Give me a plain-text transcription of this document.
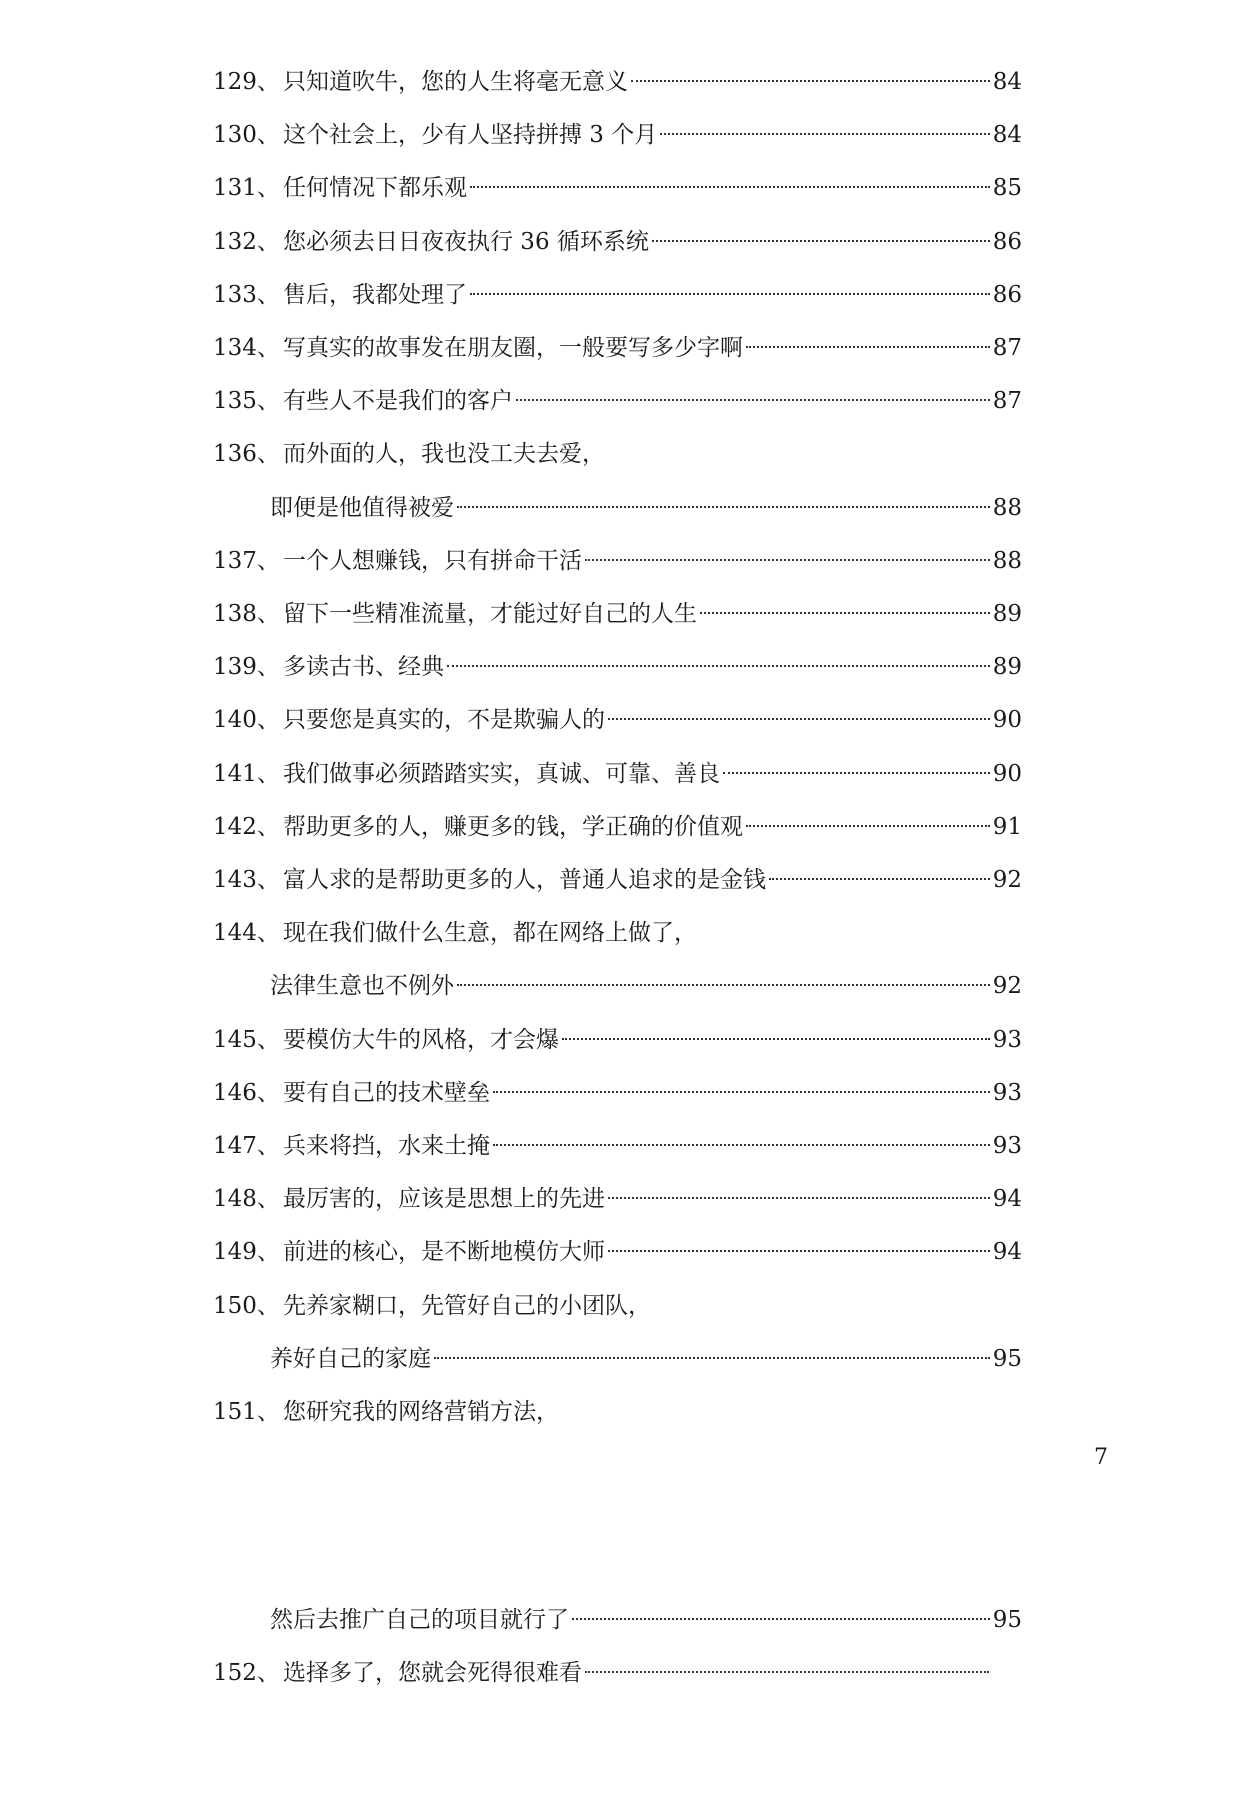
129、 只知道吹牛，您的人生将毫无意义	84
130、 这个社会上，少有人坚持拼搏 3 个月	84
131、 任何情况下都乐观	85
132、 您必须去日日夜夜执行 36 循环系统	86
133、 售后，我都处理了	86
134、 写真实的故事发在朋友圈，一般要写多少字啊	87
135、 有些人不是我们的客户	87
136、 而外面的人，我也没工夫去爱，
即便是他值得被爱	88
137、 一个人想赚钱，只有拼命干活	88
138、 留下一些精准流量，才能过好自己的人生	89
139、 多读古书、经典	89
140、 只要您是真实的，不是欺骗人的	90
141、 我们做事必须踏踏实实，真诚、可靠、善良	90
142、 帮助更多的人，赚更多的钱，学正确的价值观	91
143、 富人求的是帮助更多的人，普通人追求的是金钱	92
144、 现在我们做什么生意，都在网络上做了，
法律生意也不例外	92
145、 要模仿大牛的风格，才会爆	93
146、 要有自己的技术壁垒	93
147、 兵来将挡，水来土掩	93
148、 最厉害的，应该是思想上的先进	94
149、 前进的核心，是不断地模仿大师	94
150、 先养家糊口，先管好自己的小团队，
养好自己的家庭	95
151、 您研究我的网络营销方法，
7
然后去推广自己的项目就行了	95
152、 选择多了，您就会死得很难看
